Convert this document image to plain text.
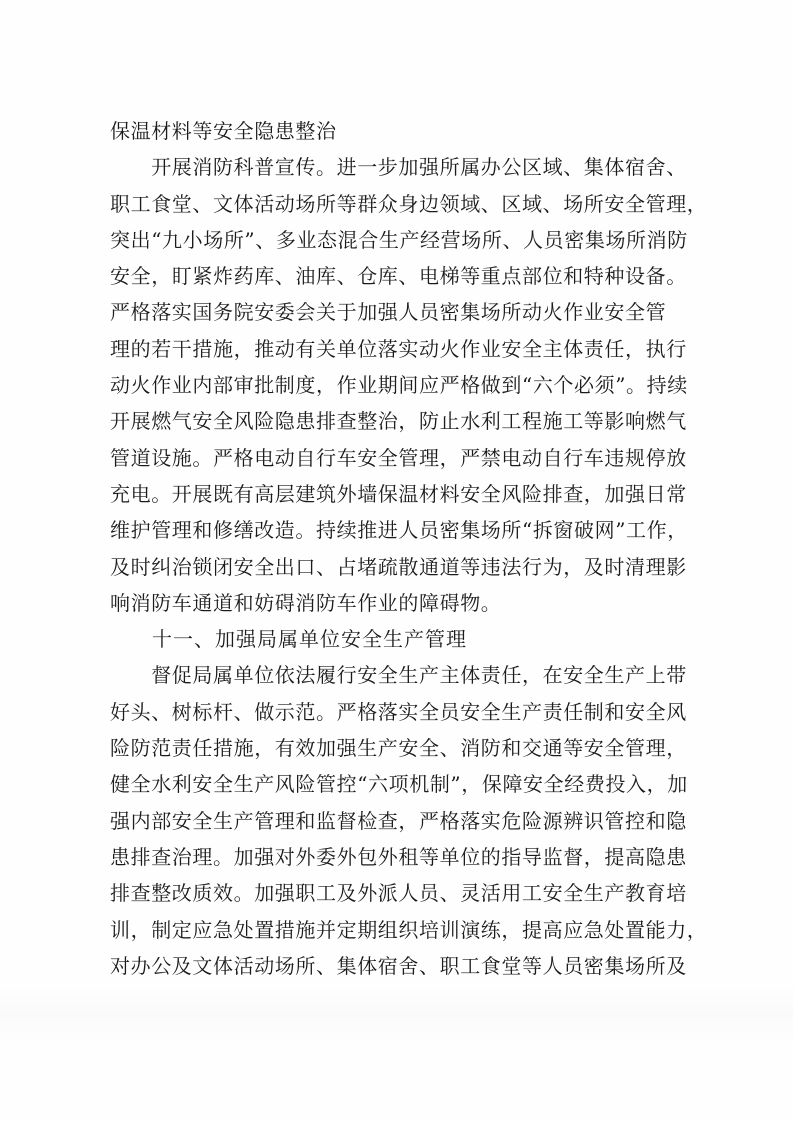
保温材料等安全隐患整治
　　开展消防科普宣传。进一步加强所属办公区域、集体宿舍、
职工食堂、文体活动场所等群众身边领域、区域、场所安全管理，
突出“九小场所”、多业态混合生产经营场所、人员密集场所消防
安全，盯紧炸药库、油库、仓库、电梯等重点部位和特种设备。
严格落实国务院安委会关于加强人员密集场所动火作业安全管
理的若干措施，推动有关单位落实动火作业安全主体责任，执行
动火作业内部审批制度，作业期间应严格做到“六个必须”。持续
开展燃气安全风险隐患排查整治，防止水利工程施工等影响燃气
管道设施。严格电动自行车安全管理，严禁电动自行车违规停放
充电。开展既有高层建筑外墙保温材料安全风险排查，加强日常
维护管理和修缮改造。持续推进人员密集场所“拆窗破网”工作，
及时纠治锁闭安全出口、占堵疏散通道等违法行为，及时清理影
响消防车通道和妨碍消防车作业的障碍物。
　　十一、加强局属单位安全生产管理
　　督促局属单位依法履行安全生产主体责任，在安全生产上带
好头、树标杆、做示范。严格落实全员安全生产责任制和安全风
险防范责任措施，有效加强生产安全、消防和交通等安全管理，
健全水利安全生产风险管控“六项机制”，保障安全经费投入，加
强内部安全生产管理和监督检查，严格落实危险源辨识管控和隐
患排查治理。加强对外委外包外租等单位的指导监督，提高隐患
排查整改质效。加强职工及外派人员、灵活用工安全生产教育培
训，制定应急处置措施并定期组织培训演练，提高应急处置能力，
对办公及文体活动场所、集体宿舍、职工食堂等人员密集场所及
